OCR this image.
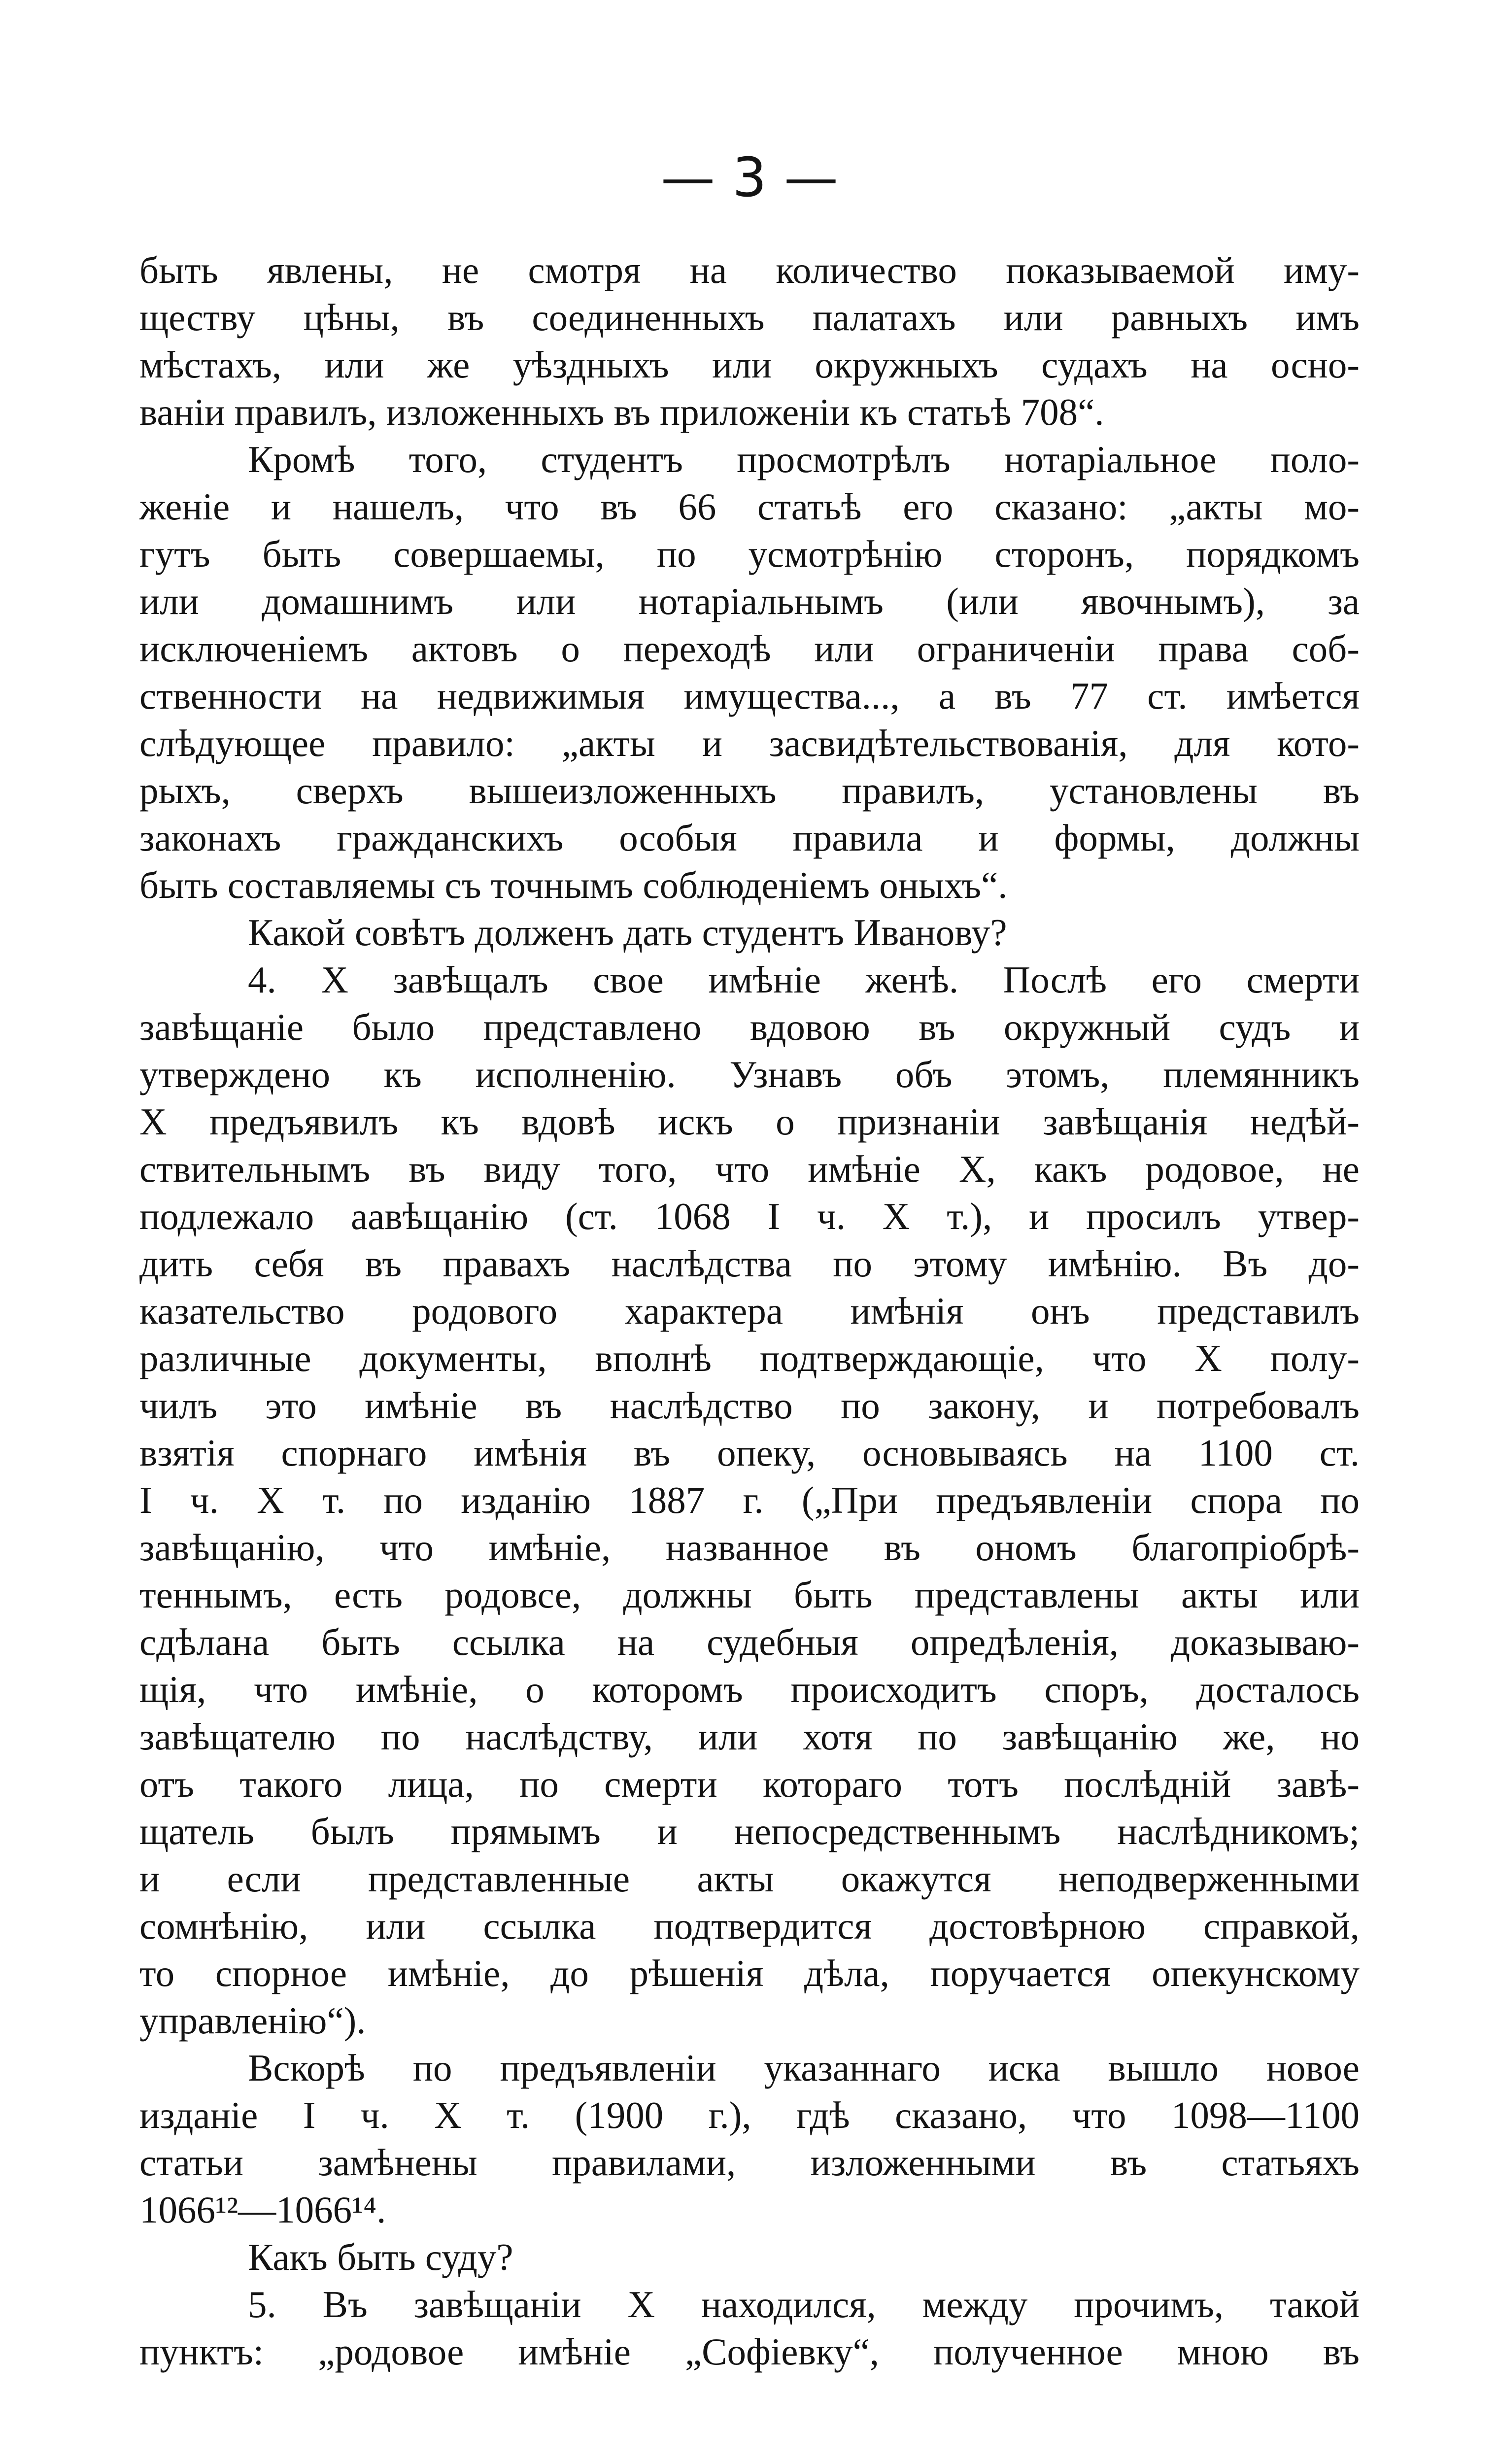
— 3 —

быть явлены, не смотря на количество показываемой иму-

ществу цѣны, въ соединенныхъ палатахъ или равныхъ имъ

мѣстахъ, или же уѣздныхъ или окружныхъ судахъ на осно-

ваніи правилъ, изложенныхъ въ приложеніи къ статьѣ 708“.

Кромѣ того, студентъ просмотрѣлъ нотаріальное поло-

женіе и нашелъ, что въ 66 статьѣ его сказано: „акты мо-

гутъ быть совершаемы, по усмотрѣнію сторонъ, порядкомъ

или домашнимъ или нотаріальнымъ (или явочнымъ), за

исключеніемъ актовъ о переходѣ или ограниченіи права соб-

ственности на недвижимыя имущества..., а въ 77 ст. имѣется

слѣдующее правило: „акты и засвидѣтельствованія, для кото-

рыхъ, сверхъ вышеизложенныхъ правилъ, установлены въ

законахъ гражданскихъ особыя правила и формы, должны

быть составляемы съ точнымъ соблюденіемъ оныхъ“.

Какой совѣтъ долженъ дать студентъ Иванову?

4. X завѣщалъ свое имѣніе женѣ. Послѣ его смерти

завѣщаніе было представлено вдовою въ окружный судъ и

утверждено къ исполненію. Узнавъ объ этомъ, племянникъ

X предъявилъ къ вдовѣ искъ о признаніи завѣщанія недѣй-

ствительнымъ въ виду того, что имѣніе X, какъ родовое, не

подлежало аавѣщанію (ст. 1068 I ч. X т.), и просилъ утвер-

дить себя въ правахъ наслѣдства по этому имѣнію. Въ до-

казательство родового характера имѣнія онъ представилъ

различные документы, вполнѣ подтверждающіе, что X полу-

чилъ это имѣніе въ наслѣдство по закону, и потребовалъ

взятія спорнаго имѣнія въ опеку, основываясь на 1100 ст.

I ч. X т. по изданію 1887 г. („При предъявленіи спора по

завѣщанію, что имѣніе, названное въ ономъ благопріобрѣ-

теннымъ, есть родовсе, должны быть представлены акты или

сдѣлана быть ссылка на судебныя опредѣленія, доказываю-

щія, что имѣніе, о которомъ происходитъ споръ, досталось

завѣщателю по наслѣдству, или хотя по завѣщанію же, но

отъ такого лица, по смерти котораго тотъ послѣдній завѣ-

щатель былъ прямымъ и непосредственнымъ наслѣдникомъ;

и если представленные акты окажутся неподверженными

сомнѣнію, или ссылка подтвердится достовѣрною справкой,

то спорное имѣніе, до рѣшенія дѣла, поручается опекунскому

управленію“).

Вскорѣ по предъявленіи указаннаго иска вышло новое

изданіе I ч. X т. (1900 г.), гдѣ сказано, что 1098—1100

статьи замѣнены правилами, изложенными въ статьяхъ

1066¹²—1066¹⁴.

Какъ быть суду?

5. Въ завѣщаніи X находился, между прочимъ, такой

пунктъ: „родовое имѣніе „Софіевку“, полученное мною въ
